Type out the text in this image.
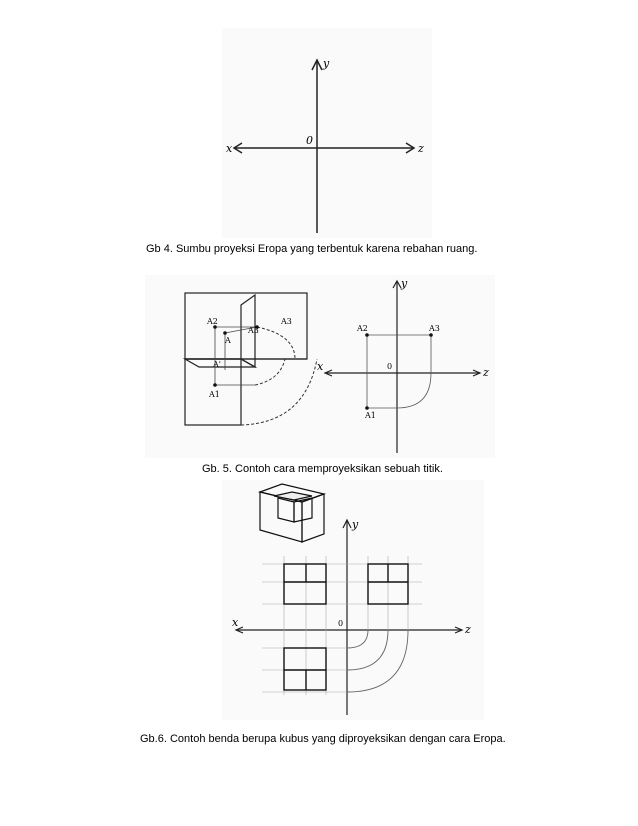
y
x	z
0
Gb 4. Sumbu proyeksi Eropa yang terbentuk karena rebahan ruang.
A2
A
A3
A3
A'
A1
y
x	z
0
A2	A3
A1
Gb. 5. Contoh cara memproyeksikan sebuah titik.
y
x
z
0
Gb.6. Contoh benda berupa kubus yang diproyeksikan dengan cara Eropa.
